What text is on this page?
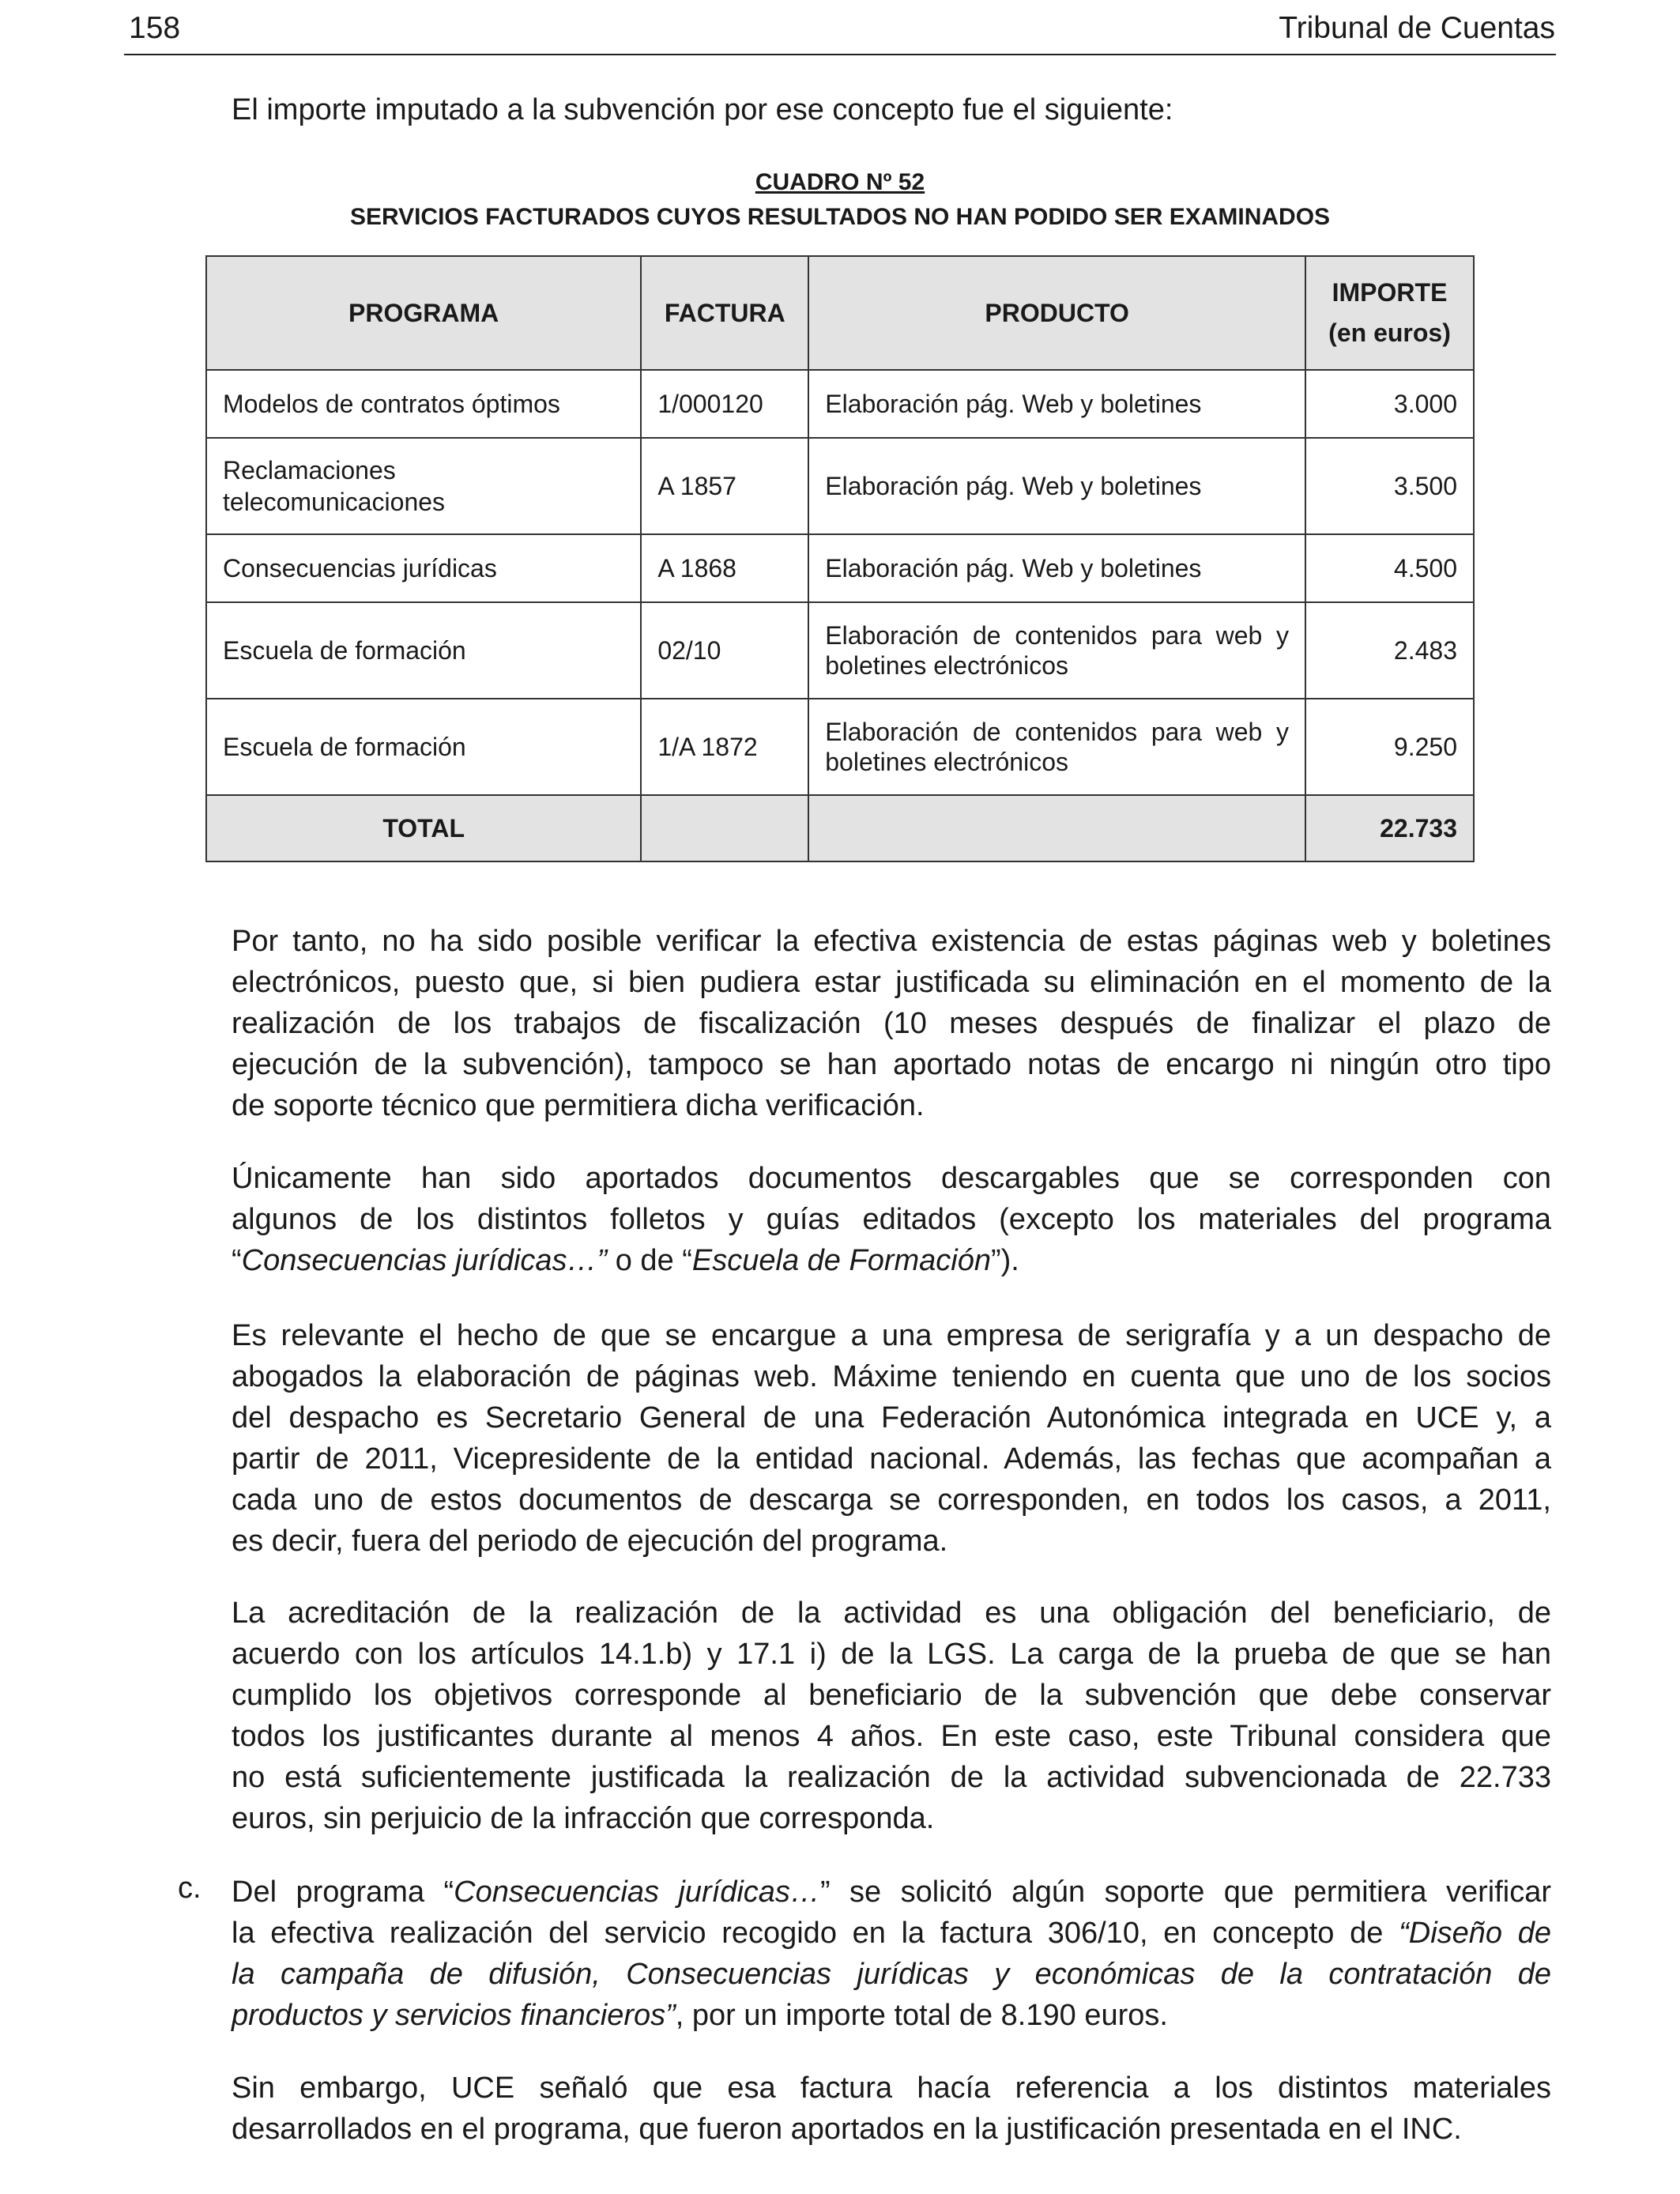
158	Tribunal de Cuentas
El importe imputado a la subvención por ese concepto fue el siguiente:
CUADRO Nº 52
SERVICIOS FACTURADOS CUYOS RESULTADOS NO HAN PODIDO SER EXAMINADOS
PROGRAMA	FACTURA	PRODUCTO	IMPORTE
(en euros)

Modelos de contratos óptimos	1/000120	Elaboración pág. Web y boletines	3.000
Reclamaciones telecomunicaciones	A 1857	Elaboración pág. Web y boletines	3.500
Consecuencias jurídicas	A 1868	Elaboración pág. Web y boletines	4.500
Escuela de formación	02/10	Elaboración de contenidos para web y boletines electrónicos	2.483
Escuela de formación	1/A 1872	Elaboración de contenidos para web y boletines electrónicos	9.250
TOTAL			22.733
Por tanto, no ha sido posible verificar la efectiva existencia de estas páginas web y boletines
electrónicos, puesto que, si bien pudiera estar justificada su eliminación en el momento de la
realización de los trabajos de fiscalización (10 meses después de finalizar el plazo de
ejecución de la subvención), tampoco se han aportado notas de encargo ni ningún otro tipo
de soporte técnico que permitiera dicha verificación.
Únicamente han sido aportados documentos descargables que se corresponden con
algunos de los distintos folletos y guías editados (excepto los materiales del programa
“Consecuencias jurídicas…” o de “Escuela de Formación”).
Es relevante el hecho de que se encargue a una empresa de serigrafía y a un despacho de
abogados la elaboración de páginas web. Máxime teniendo en cuenta que uno de los socios
del despacho es Secretario General de una Federación Autonómica integrada en UCE y, a
partir de 2011, Vicepresidente de la entidad nacional. Además, las fechas que acompañan a
cada uno de estos documentos de descarga se corresponden, en todos los casos, a 2011,
es decir, fuera del periodo de ejecución del programa.
La acreditación de la realización de la actividad es una obligación del beneficiario, de
acuerdo con los artículos 14.1.b) y 17.1 i) de la LGS. La carga de la prueba de que se han
cumplido los objetivos corresponde al beneficiario de la subvención que debe conservar
todos los justificantes durante al menos 4 años. En este caso, este Tribunal considera que
no está suficientemente justificada la realización de la actividad subvencionada de 22.733
euros, sin perjuicio de la infracción que corresponda.
c. Del programa “Consecuencias jurídicas…” se solicitó algún soporte que permitiera verificar
la efectiva realización del servicio recogido en la factura 306/10, en concepto de “Diseño de
la campaña de difusión, Consecuencias jurídicas y económicas de la contratación de
productos y servicios financieros”, por un importe total de 8.190 euros.
Sin embargo, UCE señaló que esa factura hacía referencia a los distintos materiales
desarrollados en el programa, que fueron aportados en la justificación presentada en el INC.
